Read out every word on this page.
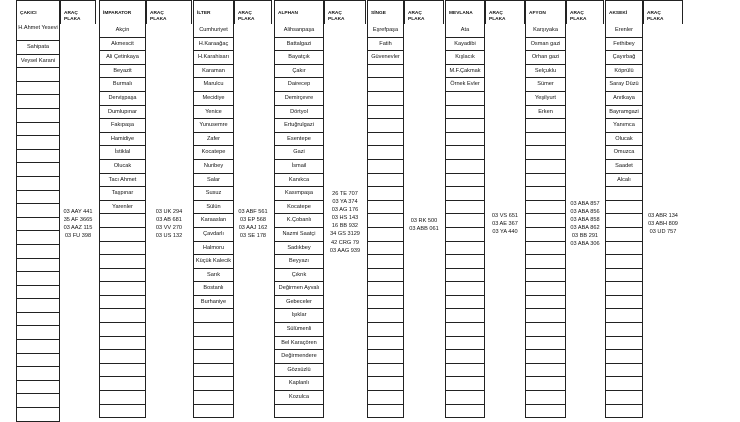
ÇAKICI
H.Ahmet Yesevi
Sahipata
Veysel Karani
ARAÇ
PLAKA
03 AAY 441
35 AF 3665
03 AAZ 115
03 FU 398
İMPARATOR
Akçin
Akmescit
Ali Çetinkaya
Beyazit
Burmalı
Dervişpaşa
Dumlupınar
Fakıpaşa
Hamidiye
İstiklal
Olucak
Tacı Ahmet
Taşpınar
Yarenler
ARAÇ
PLAKA
03 UK 294
03 AB 681
03 VV 270
03 US 132
İLTER
Cumhuriyet
H.Karaağaç
H.Karahisarı
Karaman
Marulcu
Mecidiye
Yenice
Yunusemre
Zafer
Kocatepe
Nuribey
Salar
Susuz
Sülün
Karaaslan
Çavdarlı
Halmoru
Küçük Kalecik
Sarık
Bostanlı
Burhaniye
ARAÇ
PLAKA
03 ABF 561
03 EP 568
03 AAJ 162
03 SE 178
ALPHAN
Alihsanpaşa
Battalgazi
Bayatçık
Çakır
Dairecep
Demirçevre
Dörtyol
Ertuğrulgazi
Esentepe
Gazi
İsmail
Kanıkca
Kasımpaşa
Kocatepe
K.Çobanlı
Nazmi Saatçi
Sadıkbey
Beyyazı
Çıkrık
Değirmen Ayvalı
Gebeceler
Işıklar
Sülümenli
Bel Karaçören
Değirmendere
Gözsüzlü
Kaplanlı
Kozulca
ARAÇ
PLAKA
26 TE 707
03 YA 374
03 AG 176
03 HS 143
16 BB 932
34 GS 3129
42 CRG 79
03 AAG 939
SİNGE
Eşrefpaşa
Fatih
Güvenevler
ARAÇ
PLAKA
03 RK 500
03 ABB 061
MEVLANA
Ata
Kayadibi
Kışlacık
M.F.Çakmak
Örnek Evler
ARAÇ
PLAKA
03 VS 651
03 AE 367
03 YA 440
AFYON
Karşıyaka
Osman gazi
Orhan gazi
Selçuklu
Sümer
Yeşilyurt
Erken
ARAÇ
PLAKA
03 ABA 857
03 ABA 856
03 ABA 858
03 ABA 862
03 BB 291
03 ABA 306
AKSEKİ
Erenler
Fethibey
Çayırbağ
Köprülü
Saray Düzü
Anıtkaya
Bayramgazi
Yanımca
Olucak
Omuzca
Saadet
Alcalı
ARAÇ
PLAKA
03 ABR 134
03 ABH 809
03 UD 757
